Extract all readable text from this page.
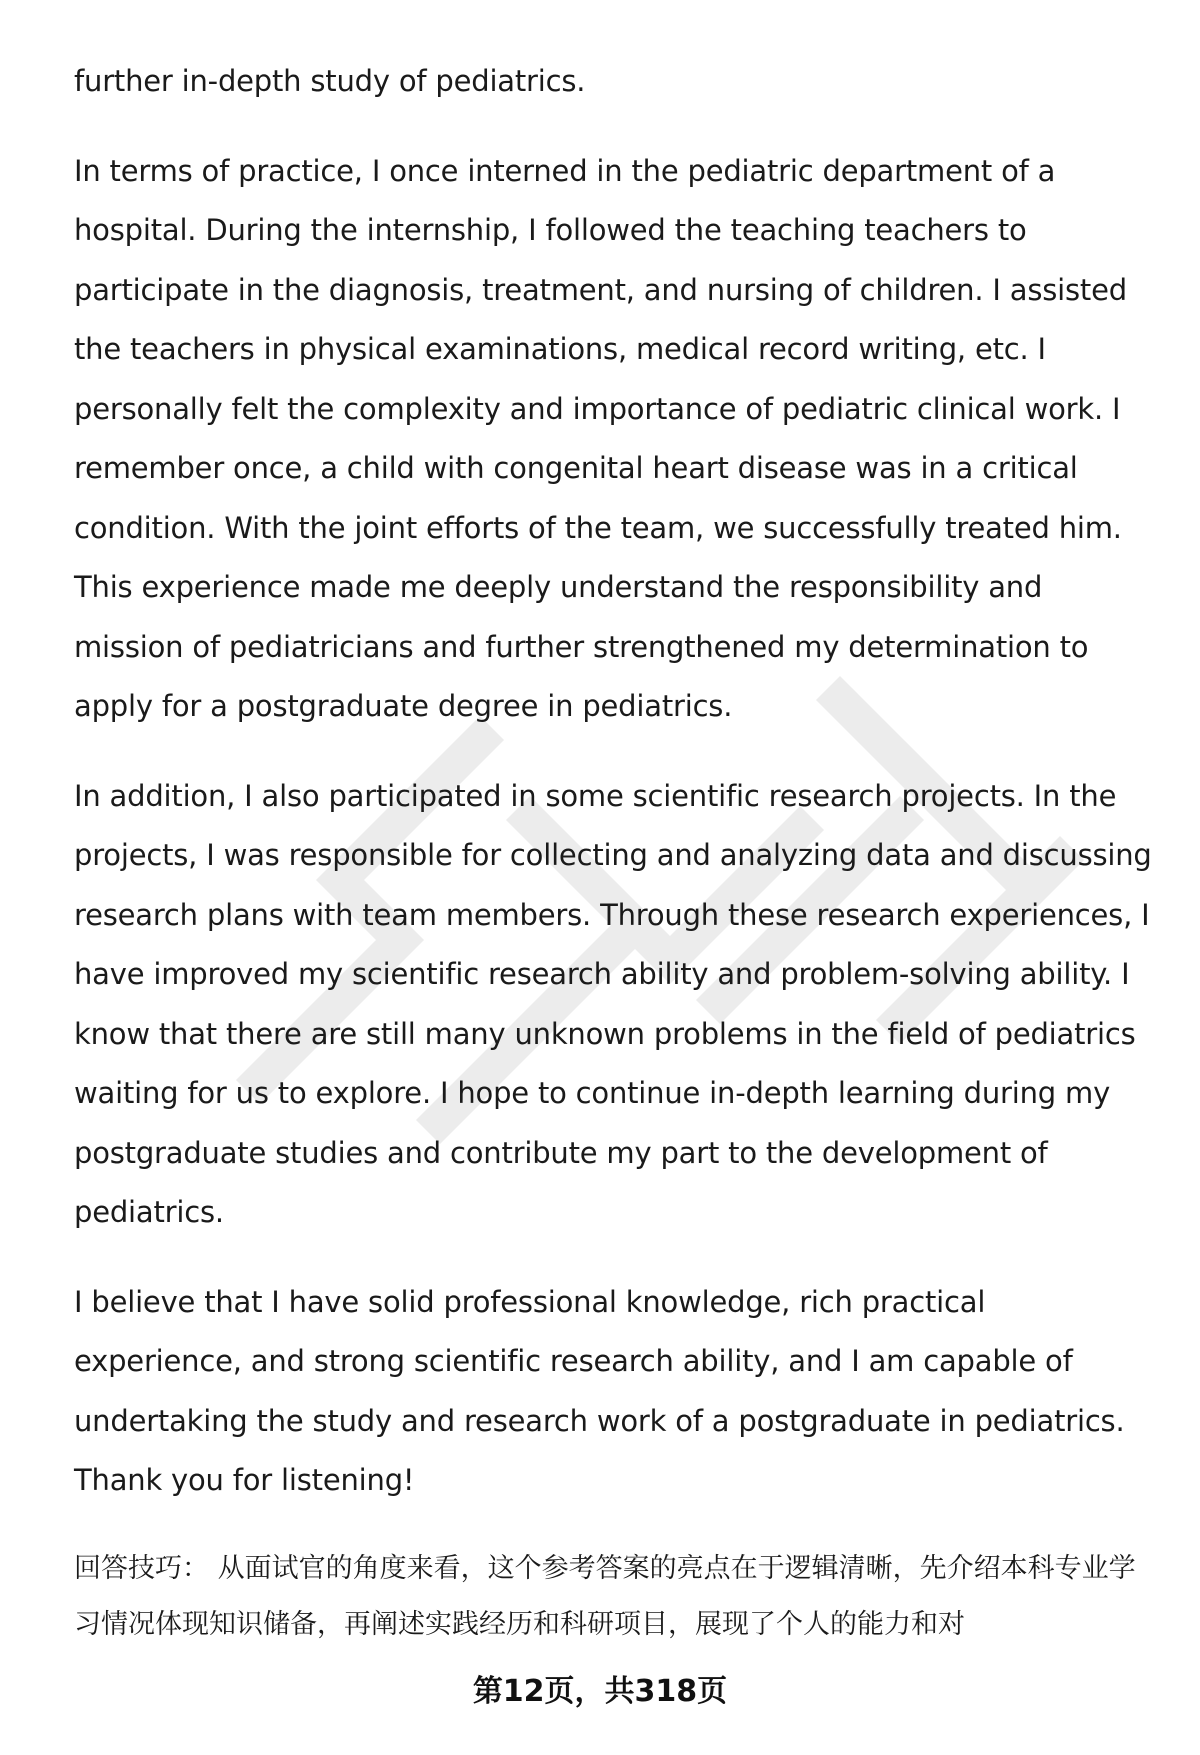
further in-depth study of pediatrics.

In terms of practice, I once interned in the pediatric department of a hospital. During the internship, I followed the teaching teachers to participate in the diagnosis, treatment, and nursing of children. I assisted the teachers in physical examinations, medical record writing, etc. I personally felt the complexity and importance of pediatric clinical work. I remember once, a child with congenital heart disease was in a critical condition. With the joint efforts of the team, we successfully treated him. This experience made me deeply understand the responsibility and mission of pediatricians and further strengthened my determination to apply for a postgraduate degree in pediatrics.

In addition, I also participated in some scientific research projects. In the projects, I was responsible for collecting and analyzing data and discussing research plans with team members. Through these research experiences, I have improved my scientific research ability and problem-solving ability. I know that there are still many unknown problems in the field of pediatrics waiting for us to explore. I hope to continue in-depth learning during my postgraduate studies and contribute my part to the development of pediatrics.

I believe that I have solid professional knowledge, rich practical experience, and strong scientific research ability, and I am capable of undertaking the study and research work of a postgraduate in pediatrics. Thank you for listening!

回答技巧： 从面试官的角度来看，这个参考答案的亮点在于逻辑清晰，先介绍本科专业学习情况体现知识储备，再阐述实践经历和科研项目，展现了个人的能力和对

第12页，共318页
